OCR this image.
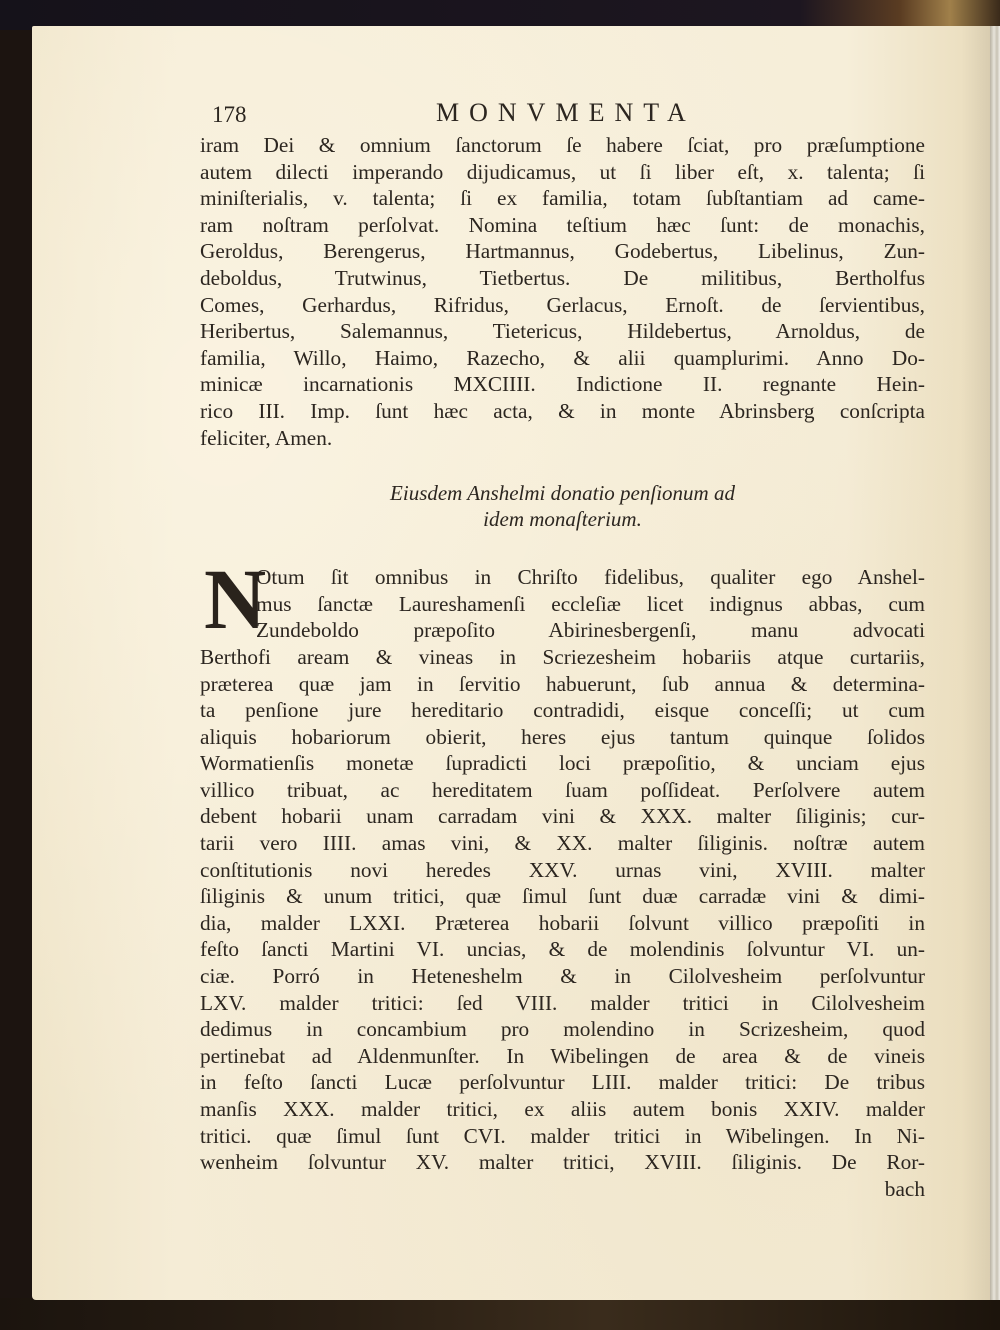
178	MONVMENTA

iram Dei & omnium ſanctorum ſe habere ſciat, pro præſumptione
autem dilecti imperando dijudicamus, ut ſi liber eſt, x. talenta; ſi
miniſterialis, v. talenta; ſi ex familia, totam ſubſtantiam ad came-
ram noſtram perſolvat. Nomina teſtium hæc ſunt: de monachis,
Geroldus, Berengerus, Hartmannus, Godebertus, Libelinus, Zun-
deboldus, Trutwinus, Tietbertus. De militibus, Bertholfus
Comes, Gerhardus, Rifridus, Gerlacus, Ernoſt. de ſervientibus,
Heribertus, Salemannus, Tietericus, Hildebertus, Arnoldus, de
familia, Willo, Haimo, Razecho, & alii quamplurimi. Anno Do-
minicæ incarnationis MXCIIII. Indictione II. regnante Hein-
rico III. Imp. ſunt hæc acta, & in monte Abrinsberg conſcripta
feliciter, Amen.

Eiusdem Anshelmi donatio penſionum ad
idem monaſterium.
N

Otum ſit omnibus in Chriſto fidelibus, qualiter ego Anshel-
mus ſanctæ Laureshamenſi eccleſiæ licet indignus abbas, cum
Zundeboldo præpoſito Abirinesbergenſi, manu advocati
Berthofi aream & vineas in Scriezesheim hobariis atque curtariis,
præterea quæ jam in ſervitio habuerunt, ſub annua & determina-
ta penſione jure hereditario contradidi, eisque conceſſi; ut cum
aliquis hobariorum obierit, heres ejus tantum quinque ſolidos
Wormatienſis monetæ ſupradicti loci præpoſitio, & unciam ejus
villico tribuat, ac hereditatem ſuam poſſideat. Perſolvere autem
debent hobarii unam carradam vini & XXX. malter ſiliginis; cur-
tarii vero IIII. amas vini, & XX. malter ſiliginis. noſtræ autem
conſtitutionis novi heredes XXV. urnas vini, XVIII. malter
ſiliginis & unum tritici, quæ ſimul ſunt duæ carradæ vini & dimi-
dia, malder LXXI. Præterea hobarii ſolvunt villico præpoſiti in
feſto ſancti Martini VI. uncias, & de molendinis ſolvuntur VI. un-
ciæ. Porró in Heteneshelm & in Cilolvesheim perſolvuntur
LXV. malder tritici: ſed VIII. malder tritici in Cilolvesheim
dedimus in concambium pro molendino in Scrizesheim, quod
pertinebat ad Aldenmunſter. In Wibelingen de area & de vineis
in feſto ſancti Lucæ perſolvuntur LIII. malder tritici: De tribus
manſis XXX. malder tritici, ex aliis autem bonis XXIV. malder
tritici. quæ ſimul ſunt CVI. malder tritici in Wibelingen. In Ni-
wenheim ſolvuntur XV. malter tritici, XVIII. ſiliginis. De Ror-
bach
